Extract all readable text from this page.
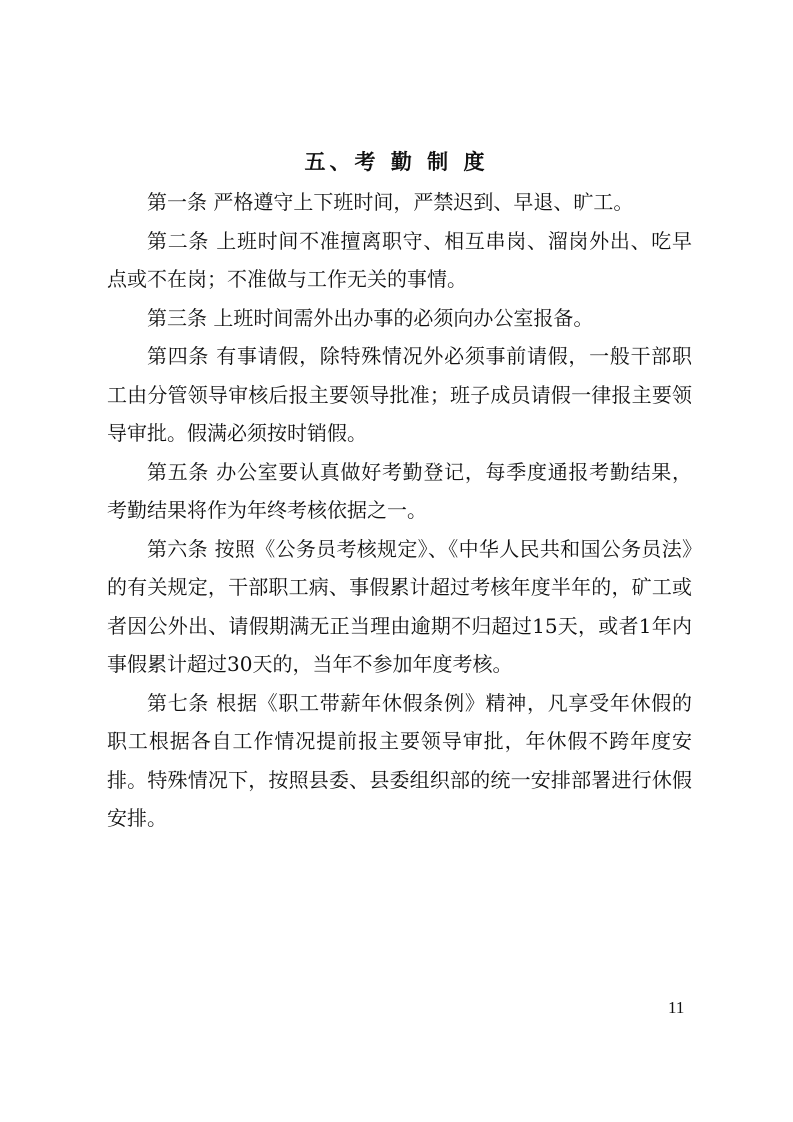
五、考 勤 制 度

第一条 严格遵守上下班时间，严禁迟到、早退、旷工。

第二条 上班时间不准擅离职守、相互串岗、溜岗外出、吃早点或不在岗；不准做与工作无关的事情。

第三条 上班时间需外出办事的必须向办公室报备。

第四条 有事请假，除特殊情况外必须事前请假，一般干部职工由分管领导审核后报主要领导批准；班子成员请假一律报主要领导审批。假满必须按时销假。

第五条 办公室要认真做好考勤登记，每季度通报考勤结果，考勤结果将作为年终考核依据之一。

第六条 按照《公务员考核规定》、《中华人民共和国公务员法》的有关规定，干部职工病、事假累计超过考核年度半年的，矿工或者因公外出、请假期满无正当理由逾期不归超过15天，或者1年内事假累计超过30天的，当年不参加年度考核。

第七条 根据《职工带薪年休假条例》精神，凡享受年休假的职工根据各自工作情况提前报主要领导审批，年休假不跨年度安排。特殊情况下，按照县委、县委组织部的统一安排部署进行休假安排。

11
